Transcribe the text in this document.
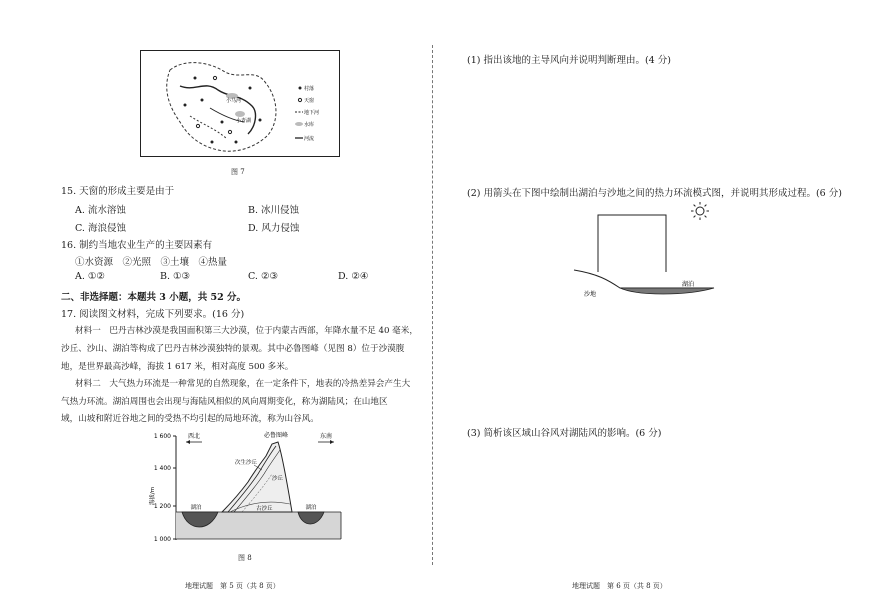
小马河
小青湖
村落
天窗
地下河
水库
河流
图 7
15. 天窗的形成主要是由于
A. 流水溶蚀	B. 冰川侵蚀
C. 海浪侵蚀	D. 风力侵蚀
16. 制约当地农业生产的主要因素有
①水资源　②光照　③土壤　④热量
A. ①②	B. ①③	C. ②③	D. ②④
二、非选择题：本题共 3 小题，共 52 分。
17. 阅读图文材料，完成下列要求。(16 分)
材料一　巴丹吉林沙漠是我国面积第三大沙漠，位于内蒙古西部，年降水量不足 40 毫米，
沙丘、沙山、湖泊等构成了巴丹吉林沙漠独特的景观。其中必鲁图峰（见图 8）位于沙漠腹
地，是世界最高沙峰，海拔 1 617 米，相对高度 500 多米。
材料二　大气热力环流是一种常见的自然现象，在一定条件下，地表的冷热差异会产生大
气热力环流。湖泊周围也会出现与海陆风相似的风向周期变化，称为湖陆风；在山地区
域，山坡和附近谷地之间的受热不均引起的局地环流，称为山谷风。
1 600
1 400
1 200
1 000
海拔/m
湖泊	湖泊
西北	东南
必鲁图峰
次生沙丘
沙丘
古沙丘
图 8
地理试题　第 5 页（共 8 页）
(1) 指出该地的主导风向并说明判断理由。(4 分)
(2) 用箭头在下图中绘制出湖泊与沙地之间的热力环流模式图，并说明其形成过程。(6 分)
沙地
湖泊
(3) 简析该区域山谷风对湖陆风的影响。(6 分)
地理试题　第 6 页（共 8 页）
